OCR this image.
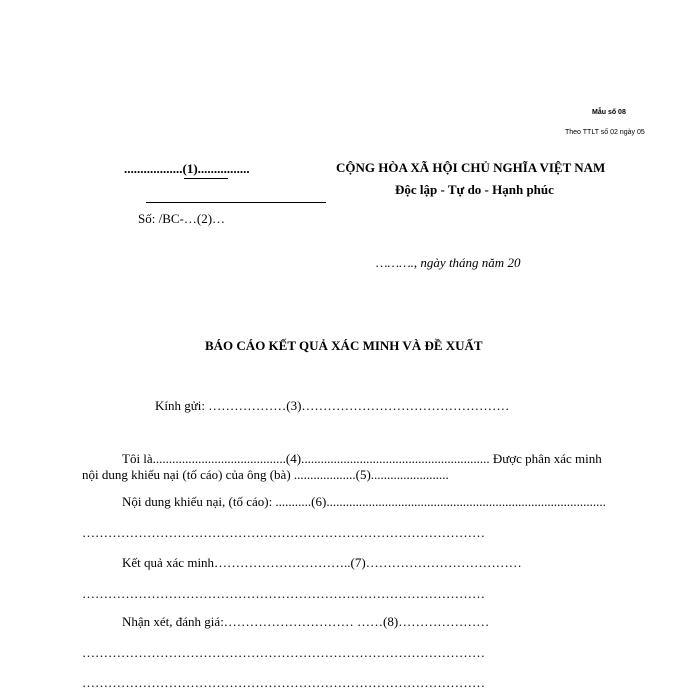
Mẫu số 08
Theo TTLT số 02 ngày 05
..................(1)................	CỘNG HÒA XÃ HỘI CHỦ NGHĨA VIỆT NAM
Độc lập - Tự do - Hạnh phúc
Số: /BC-…(2)…
………., ngày tháng năm 20
BÁO CÁO KẾT QUẢ XÁC MINH VÀ ĐỀ XUẤT
Kính gửi: ………………(3)…………………………………………
Tôi là.........................................(4).......................................................... Được phân xác minh
nội dung khiếu nại (tố cáo) của ông (bà) ...................(5)........................
Nội dung khiếu nại, (tố cáo): ...........(6)......................................................................................
…………………………………………………………………………………
Kết quả xác minh…………………………..(7)………………………………
…………………………………………………………………………………
Nhận xét, đánh giá:………………………… ……(8)…………………
…………………………………………………………………………………
…………………………………………………………………………………
